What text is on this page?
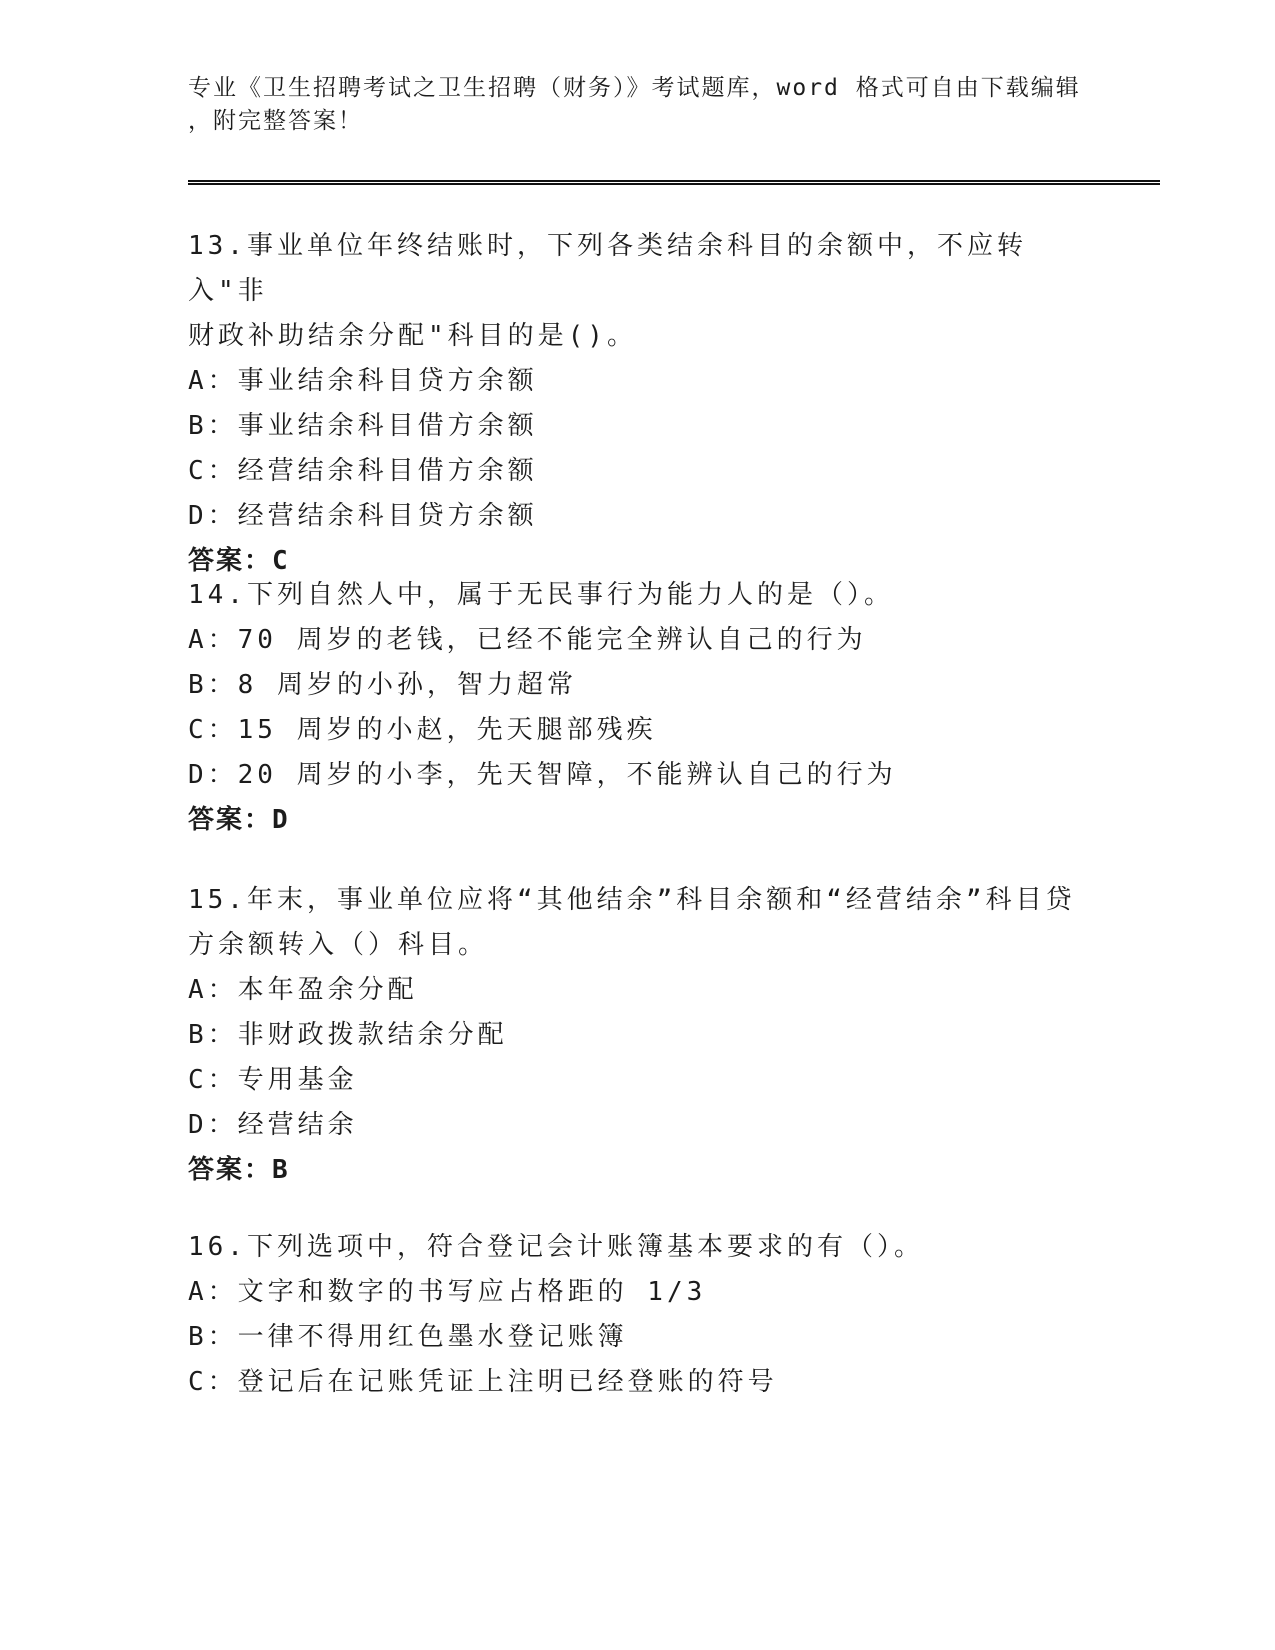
专业《卫生招聘考试之卫生招聘（财务）》考试题库，word 格式可自由下载编辑
，附完整答案！
13.事业单位年终结账时，下列各类结余科目的余额中，不应转入"非
财政补助结余分配"科目的是()。
A：事业结余科目贷方余额
B：事业结余科目借方余额
C：经营结余科目借方余额
D：经营结余科目贷方余额
答案：C
14.下列自然人中，属于无民事行为能力人的是（）。
A：70 周岁的老钱，已经不能完全辨认自己的行为
B：8 周岁的小孙，智力超常
C：15 周岁的小赵，先天腿部残疾
D：20 周岁的小李，先天智障，不能辨认自己的行为
答案：D
15.年末，事业单位应将“其他结余”科目余额和“经营结余”科目贷
方余额转入（）科目。
A：本年盈余分配
B：非财政拨款结余分配
C：专用基金
D：经营结余
答案：B
16.下列选项中，符合登记会计账簿基本要求的有（）。
A：文字和数字的书写应占格距的 1/3
B：一律不得用红色墨水登记账簿
C：登记后在记账凭证上注明已经登账的符号
